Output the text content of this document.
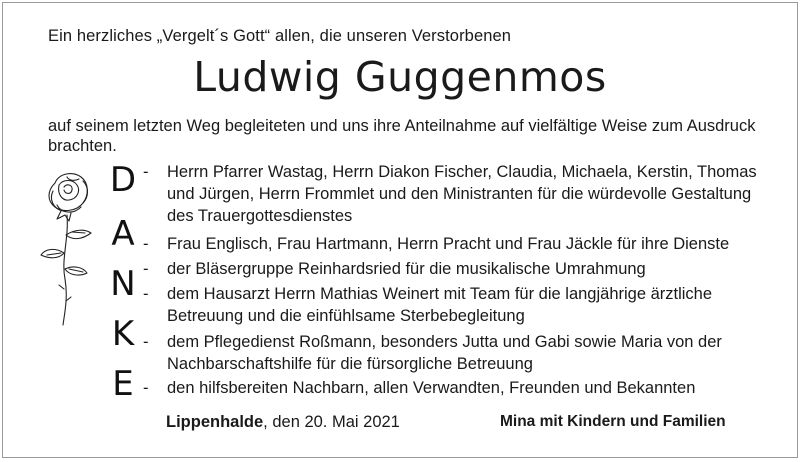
Ein herzliches „Vergelt´s Gott“ allen, die unseren Verstorbenen
Ludwig Guggenmos
auf seinem letzten Weg begleiteten und uns ihre Anteilnahme auf vielfältige Weise zum Ausdruck brachten.
D
A
N
K
E
-	Herrn Pfarrer Wastag, Herrn Diakon Fischer, Claudia, Michaela, Kerstin, Thomas und Jürgen, Herrn Frommlet und den Ministranten für die würdevolle Gestaltung des Trauergottesdienstes
-	Frau Englisch, Frau Hartmann, Herrn Pracht und Frau Jäckle für ihre Dienste
-	der Bläsergruppe Reinhardsried für die musikalische Umrahmung
-	dem Hausarzt Herrn Mathias Weinert mit Team für die langjährige ärztliche Betreuung und die einfühlsame Sterbebegleitung
-	dem Pflegedienst Roßmann, besonders Jutta und Gabi sowie Maria von der Nachbarschaftshilfe für die fürsorgliche Betreuung
-	den hilfsbereiten Nachbarn, allen Verwandten, Freunden und Bekannten
Lippenhalde, den 20. Mai 2021	Mina mit Kindern und Familien
